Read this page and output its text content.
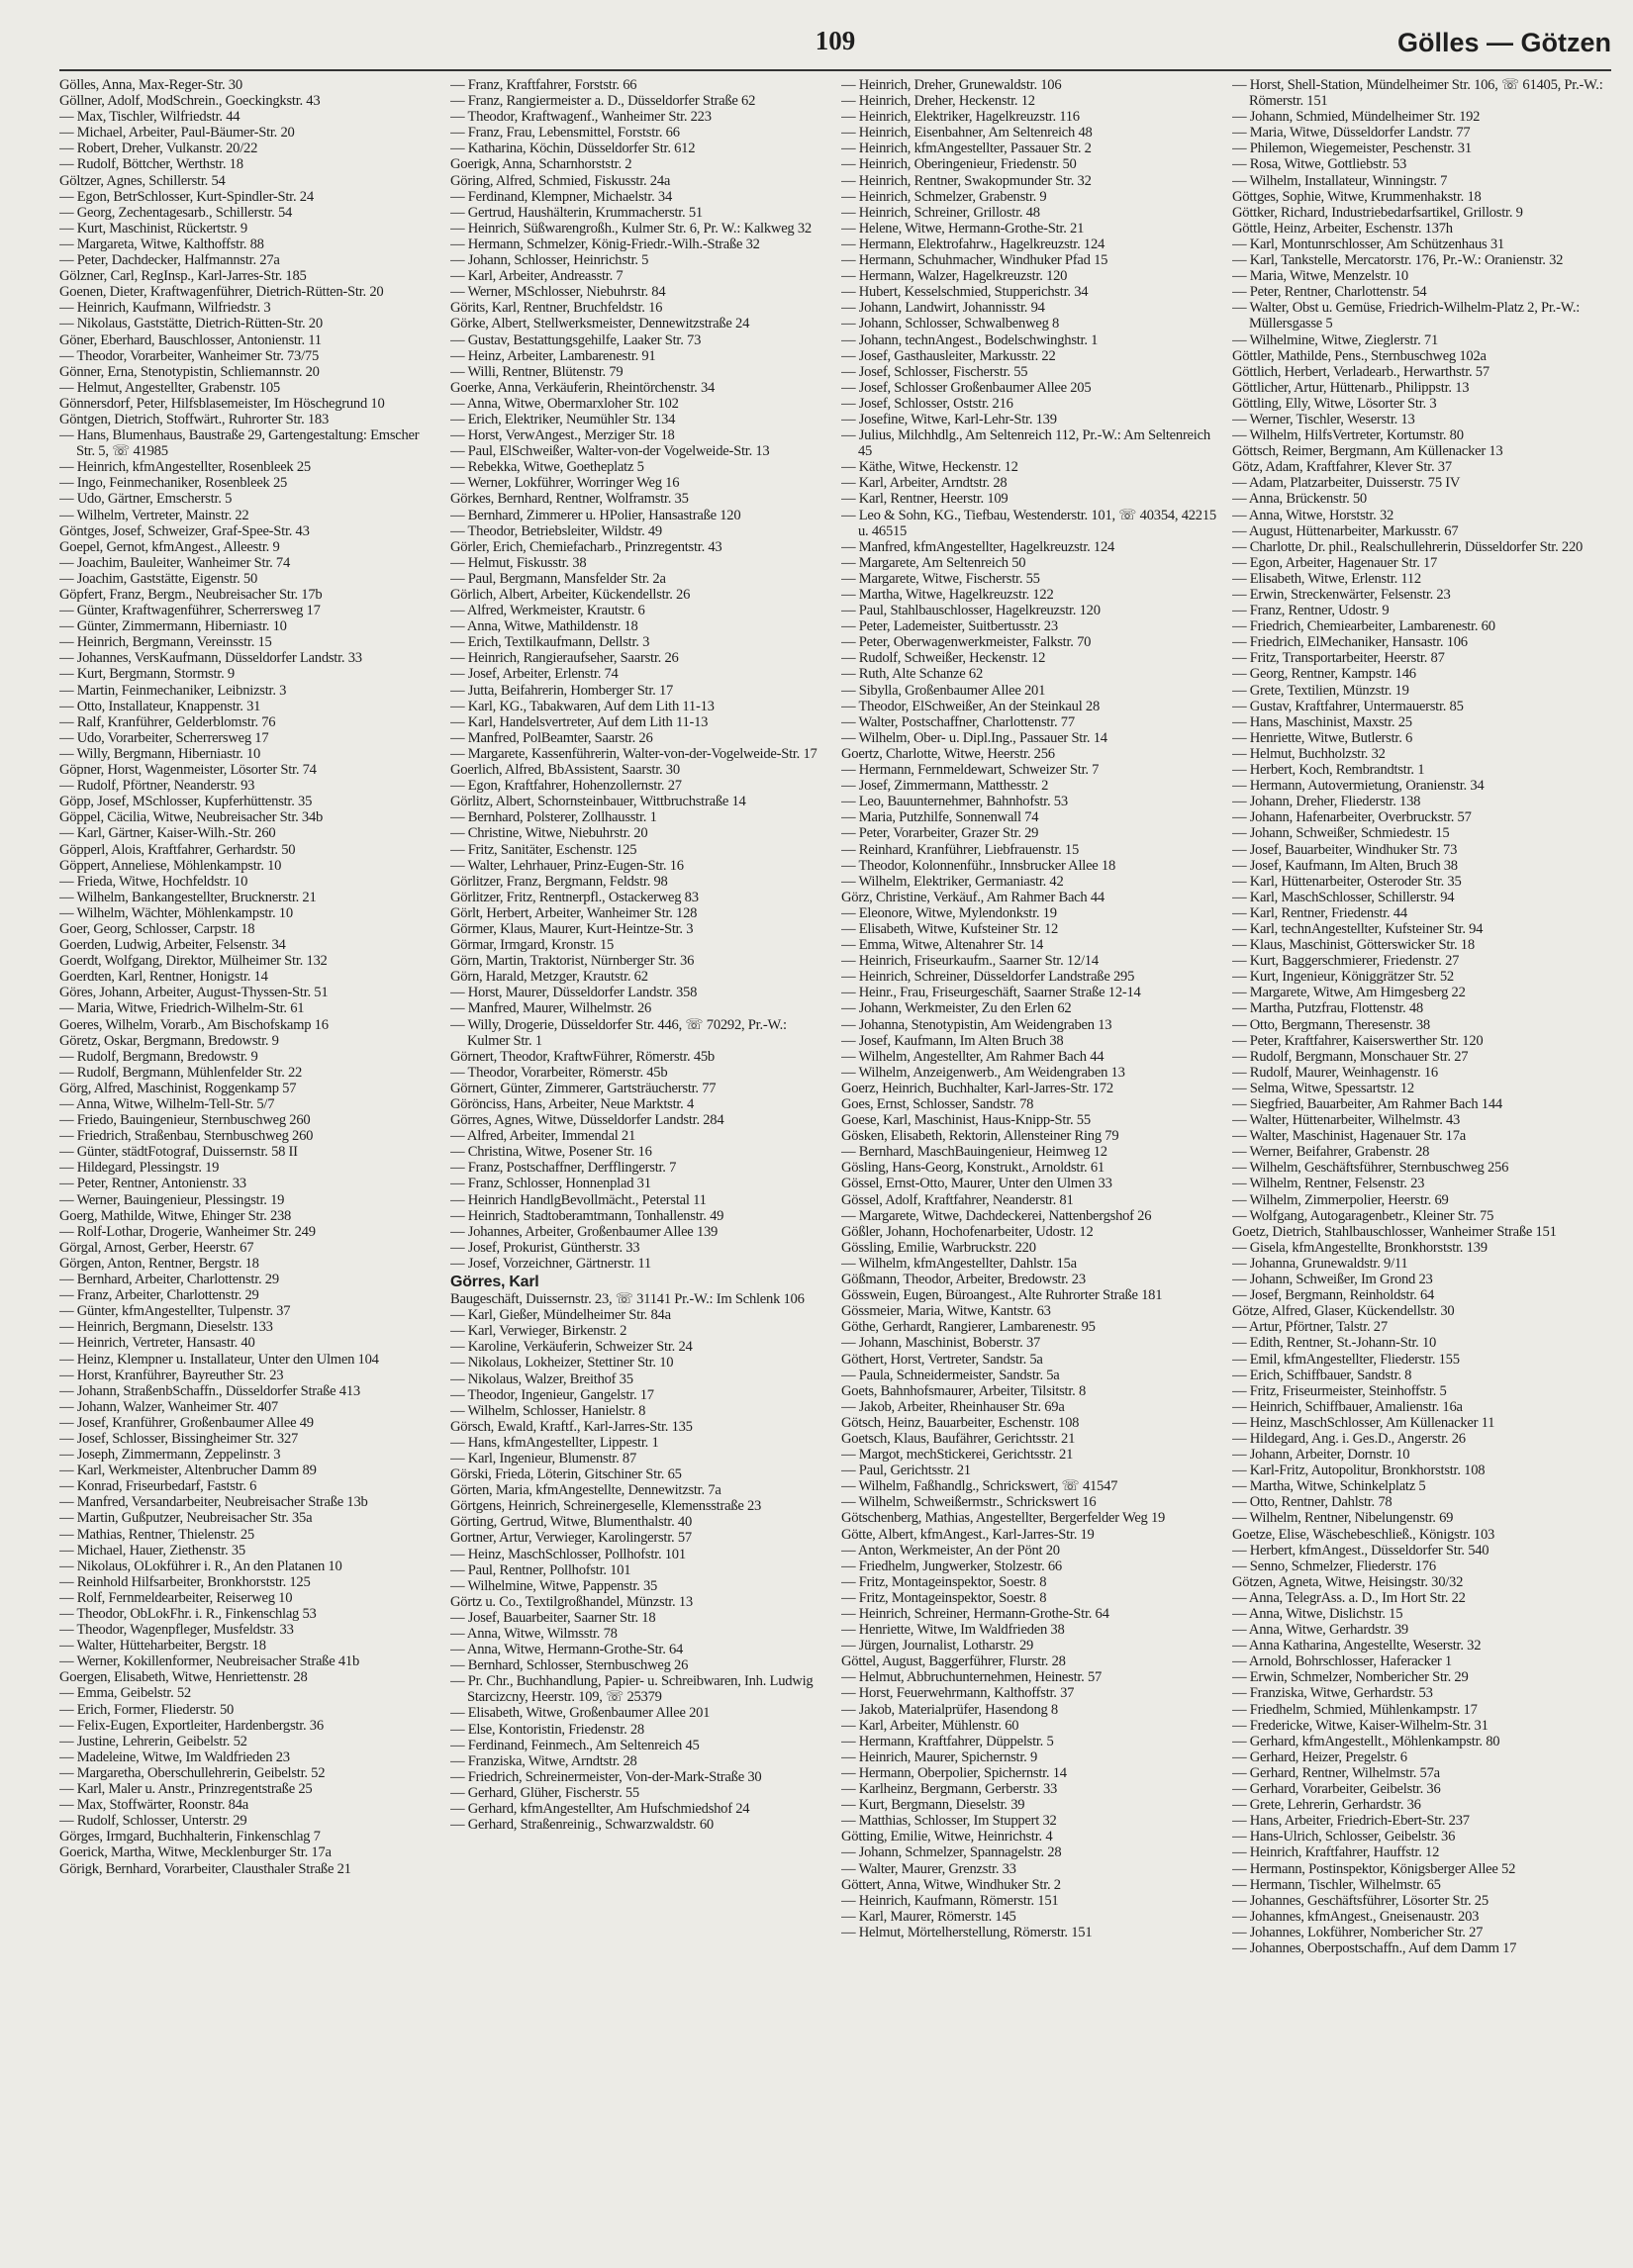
109	Gölles — Götzen
Gölles, Anna, Max-Reger-Str. 30
Göllner, Adolf, ModSchrein., Goeckingkstr. 43
— Max, Tischler, Wilfriedstr. 44
— Michael, Arbeiter, Paul-Bäumer-Str. 20
— Robert, Dreher, Vulkanstr. 20/22
— Rudolf, Böttcher, Werthstr. 18
Göltzer, Agnes, Schillerstr. 54
— Egon, BetrSchlosser, Kurt-Spindler-Str. 24
— Georg, Zechentagesarb., Schillerstr. 54
— Kurt, Maschinist, Rückertstr. 9
— Margareta, Witwe, Kalthoffstr. 88
— Peter, Dachdecker, Halfmannstr. 27a
Gölzner, Carl, RegInsp., Karl-Jarres-Str. 185
Goenen, Dieter, Kraftwagenführer, Dietrich-Rütten-Str. 20
— Heinrich, Kaufmann, Wilfriedstr. 3
— Nikolaus, Gaststätte, Dietrich-Rütten-Str. 20
Göner, Eberhard, Bauschlosser, Antonienstr. 11
— Theodor, Vorarbeiter, Wanheimer Str. 73/75
Gönner, Erna, Stenotypistin, Schliemannstr. 20
— Helmut, Angestellter, Grabenstr. 105
Gönnersdorf, Peter, Hilfsblasemeister, Im Höschegrund 10
Göntgen, Dietrich, Stoffwärt., Ruhrorter Str. 183
— Hans, Blumenhaus, Baustraße 29, Gartengestaltung: Emscher Str. 5, ☏ 41985
— Heinrich, kfmAngestellter, Rosenbleek 25
— Ingo, Feinmechaniker, Rosenbleek 25
— Udo, Gärtner, Emscherstr. 5
— Wilhelm, Vertreter, Mainstr. 22
Göntges, Josef, Schweizer, Graf-Spee-Str. 43
Goepel, Gernot, kfmAngest., Alleestr. 9
— Joachim, Bauleiter, Wanheimer Str. 74
— Joachim, Gaststätte, Eigenstr. 50
Göpfert, Franz, Bergm., Neubreisacher Str. 17b
— Günter, Kraftwagenführer, Scherrersweg 17
— Günter, Zimmermann, Hiberniastr. 10
— Heinrich, Bergmann, Vereinsstr. 15
— Johannes, VersKaufmann, Düsseldorfer Landstr. 33
— Kurt, Bergmann, Stormstr. 9
— Martin, Feinmechaniker, Leibnizstr. 3
— Otto, Installateur, Knappenstr. 31
— Ralf, Kranführer, Gelderblomstr. 76
— Udo, Vorarbeiter, Scherrersweg 17
— Willy, Bergmann, Hiberniastr. 10
Göpner, Horst, Wagenmeister, Lösorter Str. 74
— Rudolf, Pförtner, Neanderstr. 93
Göpp, Josef, MSchlosser, Kupferhüttenstr. 35
Göppel, Cäcilia, Witwe, Neubreisacher Str. 34b
— Karl, Gärtner, Kaiser-Wilh.-Str. 260
Göpperl, Alois, Kraftfahrer, Gerhardstr. 50
Göppert, Anneliese, Möhlenkampstr. 10
— Frieda, Witwe, Hochfeldstr. 10
— Wilhelm, Bankangestellter, Brucknerstr. 21
— Wilhelm, Wächter, Möhlenkampstr. 10
Goer, Georg, Schlosser, Carpstr. 18
Goerden, Ludwig, Arbeiter, Felsenstr. 34
Goerdt, Wolfgang, Direktor, Mülheimer Str. 132
Goerdten, Karl, Rentner, Honigstr. 14
Göres, Johann, Arbeiter, August-Thyssen-Str. 51
— Maria, Witwe, Friedrich-Wilhelm-Str. 61
Goeres, Wilhelm, Vorarb., Am Bischofskamp 16
Göretz, Oskar, Bergmann, Bredowstr. 9
— Rudolf, Bergmann, Bredowstr. 9
— Rudolf, Bergmann, Mühlenfelder Str. 22
Görg, Alfred, Maschinist, Roggenkamp 57
— Anna, Witwe, Wilhelm-Tell-Str. 5/7
— Friedo, Bauingenieur, Sternbuschweg 260
— Friedrich, Straßenbau, Sternbuschweg 260
— Günter, städtFotograf, Duissernstr. 58 II
— Hildegard, Plessingstr. 19
— Peter, Rentner, Antonienstr. 33
— Werner, Bauingenieur, Plessingstr. 19
Goerg, Mathilde, Witwe, Ehinger Str. 238
— Rolf-Lothar, Drogerie, Wanheimer Str. 249
Görgal, Arnost, Gerber, Heerstr. 67
Görgen, Anton, Rentner, Bergstr. 18
— Bernhard, Arbeiter, Charlottenstr. 29
— Franz, Arbeiter, Charlottenstr. 29
— Günter, kfmAngestellter, Tulpenstr. 37
— Heinrich, Bergmann, Dieselstr. 133
— Heinrich, Vertreter, Hansastr. 40
— Heinz, Klempner u. Installateur, Unter den Ulmen 104
— Horst, Kranführer, Bayreuther Str. 23
— Johann, StraßenbSchaffn., Düsseldorfer Straße 413
— Johann, Walzer, Wanheimer Str. 407
— Josef, Kranführer, Großenbaumer Allee 49
— Josef, Schlosser, Bissingheimer Str. 327
— Joseph, Zimmermann, Zeppelinstr. 3
— Karl, Werkmeister, Altenbrucher Damm 89
— Konrad, Friseurbedarf, Faststr. 6
— Manfred, Versandarbeiter, Neubreisacher Straße 13b
— Martin, Gußputzer, Neubreisacher Str. 35a
— Mathias, Rentner, Thielenstr. 25
— Michael, Hauer, Ziethenstr. 35
— Nikolaus, OLokführer i. R., An den Platanen 10
— Reinhold Hilfsarbeiter, Bronkhorststr. 125
— Rolf, Fernmeldearbeiter, Reiserweg 10
— Theodor, ObLokFhr. i. R., Finkenschlag 53
— Theodor, Wagenpfleger, Musfeldstr. 33
— Walter, Hütteharbeiter, Bergstr. 18
— Werner, Kokillenformer, Neubreisacher Straße 41b
Goergen, Elisabeth, Witwe, Henriettenstr. 28
— Emma, Geibelstr. 52
— Erich, Former, Fliederstr. 50
— Felix-Eugen, Exportleiter, Hardenbergstr. 36
— Justine, Lehrerin, Geibelstr. 52
— Madeleine, Witwe, Im Waldfrieden 23
— Margaretha, Oberschullehrerin, Geibelstr. 52
— Karl, Maler u. Anstr., Prinzregentstraße 25
— Max, Stoffwärter, Roonstr. 84a
— Rudolf, Schlosser, Unterstr. 29
Görges, Irmgard, Buchhalterin, Finkenschlag 7
Goerick, Martha, Witwe, Mecklenburger Str. 17a
Görigk, Bernhard, Vorarbeiter, Clausthaler Straße 21
— Franz, Kraftfahrer, Forststr. 66
— Franz, Rangiermeister a. D., Düsseldorfer Straße 62
— Theodor, Kraftwagenf., Wanheimer Str. 223
— Franz, Frau, Lebensmittel, Forststr. 66
— Katharina, Köchin, Düsseldorfer Str. 612
Goerigk, Anna, Scharnhorststr. 2
Göring, Alfred, Schmied, Fiskusstr. 24a
— Ferdinand, Klempner, Michaelstr. 34
— Gertrud, Haushälterin, Krummacherstr. 51
— Heinrich, Süßwarengroßh., Kulmer Str. 6, Pr. W.: Kalkweg 32
— Hermann, Schmelzer, König-Friedr.-Wilh.-Straße 32
— Johann, Schlosser, Heinrichstr. 5
— Karl, Arbeiter, Andreasstr. 7
— Werner, MSchlosser, Niebuhrstr. 84
Görits, Karl, Rentner, Bruchfeldstr. 16
Görke, Albert, Stellwerksmeister, Dennewitzstraße 24
— Gustav, Bestattungsgehilfe, Laaker Str. 73
— Heinz, Arbeiter, Lambarenestr. 91
— Willi, Rentner, Blütenstr. 79
Goerke, Anna, Verkäuferin, Rheintörchenstr. 34
— Anna, Witwe, Obermarxloher Str. 102
— Erich, Elektriker, Neumühler Str. 134
— Horst, VerwAngest., Merziger Str. 18
— Paul, ElSchweißer, Walter-von-der Vogelweide-Str. 13
— Rebekka, Witwe, Goetheplatz 5
— Werner, Lokführer, Worringer Weg 16
Görkes, Bernhard, Rentner, Wolframstr. 35
— Bernhard, Zimmerer u. HPolier, Hansastraße 120
— Theodor, Betriebsleiter, Wildstr. 49
Görler, Erich, Chemiefacharb., Prinzregentstr. 43
— Helmut, Fiskusstr. 38
— Paul, Bergmann, Mansfelder Str. 2a
Görlich, Albert, Arbeiter, Kückendellstr. 26
— Alfred, Werkmeister, Krautstr. 6
— Anna, Witwe, Mathildenstr. 18
— Erich, Textilkaufmann, Dellstr. 3
— Heinrich, Rangieraufseher, Saarstr. 26
— Josef, Arbeiter, Erlenstr. 74
— Jutta, Beifahrerin, Homberger Str. 17
— Karl, KG., Tabakwaren, Auf dem Lith 11-13
— Karl, Handelsvertreter, Auf dem Lith 11-13
— Manfred, PolBeamter, Saarstr. 26
— Margarete, Kassenführerin, Walter-von-der-Vogelweide-Str. 17
Goerlich, Alfred, BbAssistent, Saarstr. 30
— Egon, Kraftfahrer, Hohenzollernstr. 27
Görlitz, Albert, Schornsteinbauer, Wittbruchstraße 14
— Bernhard, Polsterer, Zollhausstr. 1
— Christine, Witwe, Niebuhrstr. 20
— Fritz, Sanitäter, Eschenstr. 125
— Walter, Lehrhauer, Prinz-Eugen-Str. 16
Görlitzer, Franz, Bergmann, Feldstr. 98
Görlitzer, Fritz, Rentnerpfl., Ostackerweg 83
Görlt, Herbert, Arbeiter, Wanheimer Str. 128
Görmer, Klaus, Maurer, Kurt-Heintze-Str. 3
Görmar, Irmgard, Kronstr. 15
Görn, Martin, Traktorist, Nürnberger Str. 36
Görn, Harald, Metzger, Krautstr. 62
— Horst, Maurer, Düsseldorfer Landstr. 358
— Manfred, Maurer, Wilhelmstr. 26
— Willy, Drogerie, Düsseldorfer Str. 446, ☏ 70292, Pr.-W.: Kulmer Str. 1
Görnert, Theodor, KraftwFührer, Römerstr. 45b
— Theodor, Vorarbeiter, Römerstr. 45b
Görnert, Günter, Zimmerer, Gartsträucherstr. 77
Görönciss, Hans, Arbeiter, Neue Marktstr. 4
Görres, Agnes, Witwe, Düsseldorfer Landstr. 284
— Alfred, Arbeiter, Immendal 21
— Christina, Witwe, Posener Str. 16
— Franz, Postschaffner, Derfflingerstr. 7
— Franz, Schlosser, Honnenplad 31
— Heinrich HandlgBevollmächt., Peterstal 11
— Heinrich, Stadtoberamtmann, Tonhallenstr. 49
— Johannes, Arbeiter, Großenbaumer Allee 139
— Josef, Prokurist, Güntherstr. 33
— Josef, Vorzeichner, Gärtnerstr. 11
Görres, Karl
Baugeschäft, Duissernstr. 23, ☏ 31141 Pr.-W.: Im Schlenk 106
— Karl, Gießer, Mündelheimer Str. 84a
— Karl, Verwieger, Birkenstr. 2
— Karoline, Verkäuferin, Schweizer Str. 24
— Nikolaus, Lokheizer, Stettiner Str. 10
— Nikolaus, Walzer, Breithof 35
— Theodor, Ingenieur, Gangelstr. 17
— Wilhelm, Schlosser, Hanielstr. 8
Görsch, Ewald, Kraftf., Karl-Jarres-Str. 135
— Hans, kfmAngestellter, Lippestr. 1
— Karl, Ingenieur, Blumenstr. 87
Görski, Frieda, Löterin, Gitschiner Str. 65
Görten, Maria, kfmAngestellte, Dennewitzstr. 7a
Görtgens, Heinrich, Schreinergeselle, Klemensstraße 23
Görting, Gertrud, Witwe, Blumenthalstr. 40
Gortner, Artur, Verwieger, Karolingerstr. 57
— Heinz, MaschSchlosser, Pollhofstr. 101
— Paul, Rentner, Pollhofstr. 101
— Wilhelmine, Witwe, Pappenstr. 35
Görtz u. Co., Textilgroßhandel, Münzstr. 13
— Josef, Bauarbeiter, Saarner Str. 18
— Anna, Witwe, Wilmsstr. 78
— Anna, Witwe, Hermann-Grothe-Str. 64
— Bernhard, Schlosser, Sternbuschweg 26
— Pr. Chr., Buchhandlung, Papier- u. Schreibwaren, Inh. Ludwig Starcizcny, Heerstr. 109, ☏ 25379
— Elisabeth, Witwe, Großenbaumer Allee 201
— Else, Kontoristin, Friedenstr. 28
— Ferdinand, Feinmech., Am Seltenreich 45
— Franziska, Witwe, Arndtstr. 28
— Friedrich, Schreinermeister, Von-der-Mark-Straße 30
— Gerhard, Glüher, Fischerstr. 55
— Gerhard, kfmAngestellter, Am Hufschmiedshof 24
— Gerhard, Straßenreinig., Schwarzwaldstr. 60
— Heinrich, Dreher, Grunewaldstr. 106
— Heinrich, Dreher, Heckenstr. 12
— Heinrich, Elektriker, Hagelkreuzstr. 116
— Heinrich, Eisenbahner, Am Seltenreich 48
— Heinrich, kfmAngestellter, Passauer Str. 2
— Heinrich, Oberingenieur, Friedenstr. 50
— Heinrich, Rentner, Swakopmunder Str. 32
— Heinrich, Schmelzer, Grabenstr. 9
— Heinrich, Schreiner, Grillostr. 48
— Helene, Witwe, Hermann-Grothe-Str. 21
— Hermann, Elektrofahrw., Hagelkreuzstr. 124
— Hermann, Schuhmacher, Windhuker Pfad 15
— Hermann, Walzer, Hagelkreuzstr. 120
— Hubert, Kesselschmied, Stupperichstr. 34
— Johann, Landwirt, Johannisstr. 94
— Johann, Schlosser, Schwalbenweg 8
— Johann, technAngest., Bodelschwinghstr. 1
— Josef, Gasthausleiter, Markusstr. 22
— Josef, Schlosser, Fischerstr. 55
— Josef, Schlosser Großenbaumer Allee 205
— Josef, Schlosser, Oststr. 216
— Josefine, Witwe, Karl-Lehr-Str. 139
— Julius, Milchhdlg., Am Seltenreich 112, Pr.-W.: Am Seltenreich 45
— Käthe, Witwe, Heckenstr. 12
— Karl, Arbeiter, Arndtstr. 28
— Karl, Rentner, Heerstr. 109
— Leo & Sohn, KG., Tiefbau, Westenderstr. 101, ☏ 40354, 42215 u. 46515
— Manfred, kfmAngestellter, Hagelkreuzstr. 124
— Margarete, Am Seltenreich 50
— Margarete, Witwe, Fischerstr. 55
— Martha, Witwe, Hagelkreuzstr. 122
— Paul, Stahlbauschlosser, Hagelkreuzstr. 120
— Peter, Lademeister, Suitbertusstr. 23
— Peter, Oberwagenwerkmeister, Falkstr. 70
— Rudolf, Schweißer, Heckenstr. 12
— Ruth, Alte Schanze 62
— Sibylla, Großenbaumer Allee 201
— Theodor, ElSchweißer, An der Steinkaul 28
— Walter, Postschaffner, Charlottenstr. 77
— Wilhelm, Ober- u. Dipl.Ing., Passauer Str. 14
Goertz, Charlotte, Witwe, Heerstr. 256
— Hermann, Fernmeldewart, Schweizer Str. 7
— Josef, Zimmermann, Matthesstr. 2
— Leo, Bauunternehmer, Bahnhofstr. 53
— Maria, Putzhilfe, Sonnenwall 74
— Peter, Vorarbeiter, Grazer Str. 29
— Reinhard, Kranführer, Liebfrauenstr. 15
— Theodor, Kolonnenführ., Innsbrucker Allee 18
— Wilhelm, Elektriker, Germaniastr. 42
Görz, Christine, Verkäuf., Am Rahmer Bach 44
— Eleonore, Witwe, Mylendonkstr. 19
— Elisabeth, Witwe, Kufsteiner Str. 12
— Emma, Witwe, Altenahrer Str. 14
— Heinrich, Friseurkaufm., Saarner Str. 12/14
— Heinrich, Schreiner, Düsseldorfer Landstraße 295
— Heinr., Frau, Friseurgeschäft, Saarner Straße 12-14
— Johann, Werkmeister, Zu den Erlen 62
— Johanna, Stenotypistin, Am Weidengraben 13
— Josef, Kaufmann, Im Alten Bruch 38
— Wilhelm, Angestellter, Am Rahmer Bach 44
— Wilhelm, Anzeigenwerb., Am Weidengraben 13
Goerz, Heinrich, Buchhalter, Karl-Jarres-Str. 172
Goes, Ernst, Schlosser, Sandstr. 78
Goese, Karl, Maschinist, Haus-Knipp-Str. 55
Gösken, Elisabeth, Rektorin, Allensteiner Ring 79
— Bernhard, MaschBauingenieur, Heimweg 12
Gösling, Hans-Georg, Konstrukt., Arnoldstr. 61
Gössel, Ernst-Otto, Maurer, Unter den Ulmen 33
Gössel, Adolf, Kraftfahrer, Neanderstr. 81
— Margarete, Witwe, Dachdeckerei, Nattenbergshof 26
Gößler, Johann, Hochofenarbeiter, Udostr. 12
Gössling, Emilie, Warbruckstr. 220
— Wilhelm, kfmAngestellter, Dahlstr. 15a
Gößmann, Theodor, Arbeiter, Bredowstr. 23
Gösswein, Eugen, Büroangest., Alte Ruhrorter Straße 181
Gössmeier, Maria, Witwe, Kantstr. 63
Göthe, Gerhardt, Rangierer, Lambarenestr. 95
— Johann, Maschinist, Boberstr. 37
Göthert, Horst, Vertreter, Sandstr. 5a
— Paula, Schneidermeister, Sandstr. 5a
Goets, Bahnhofsmaurer, Arbeiter, Tilsitstr. 8
— Jakob, Arbeiter, Rheinhauser Str. 69a
Götsch, Heinz, Bauarbeiter, Eschenstr. 108
Goetsch, Klaus, Baufährer, Gerichtsstr. 21
— Margot, mechStickerei, Gerichtsstr. 21
— Paul, Gerichtsstr. 21
— Wilhelm, Faßhandlg., Schrickswert, ☏ 41547
— Wilhelm, Schweißermstr., Schrickswert 16
Götschenberg, Mathias, Angestellter, Bergerfelder Weg 19
Götte, Albert, kfmAngest., Karl-Jarres-Str. 19
— Anton, Werkmeister, An der Pönt 20
— Friedhelm, Jungwerker, Stolzestr. 66
— Fritz, Montageinspektor, Soestr. 8
— Fritz, Montageinspektor, Soestr. 8
— Heinrich, Schreiner, Hermann-Grothe-Str. 64
— Henriette, Witwe, Im Waldfrieden 38
— Jürgen, Journalist, Lotharstr. 29
Göttel, August, Baggerführer, Flurstr. 28
— Helmut, Abbruchunternehmen, Heinestr. 57
— Horst, Feuerwehrmann, Kalthoffstr. 37
— Jakob, Materialprüfer, Hasendong 8
— Karl, Arbeiter, Mühlenstr. 60
— Hermann, Kraftfahrer, Düppelstr. 5
— Heinrich, Maurer, Spichernstr. 9
— Hermann, Oberpolier, Spichernstr. 14
— Karlheinz, Bergmann, Gerberstr. 33
— Kurt, Bergmann, Dieselstr. 39
— Matthias, Schlosser, Im Stuppert 32
Götting, Emilie, Witwe, Heinrichstr. 4
— Johann, Schmelzer, Spannagelstr. 28
— Walter, Maurer, Grenzstr. 33
Göttert, Anna, Witwe, Windhuker Str. 2
— Heinrich, Kaufmann, Römerstr. 151
— Karl, Maurer, Römerstr. 145
— Helmut, Mörtelherstellung, Römerstr. 151
— Horst, Shell-Station, Mündelheimer Str. 106, ☏ 61405, Pr.-W.: Römerstr. 151
— Johann, Schmied, Mündelheimer Str. 192
— Maria, Witwe, Düsseldorfer Landstr. 77
— Philemon, Wiegemeister, Peschenstr. 31
— Rosa, Witwe, Gottliebstr. 53
— Wilhelm, Installateur, Winningstr. 7
Göttges, Sophie, Witwe, Krummenhakstr. 18
Göttker, Richard, Industriebedarfsartikel, Grillostr. 9
Göttle, Heinz, Arbeiter, Eschenstr. 137h
— Karl, Montunrschlosser, Am Schützenhaus 31
— Karl, Tankstelle, Mercatorstr. 176, Pr.-W.: Oranienstr. 32
— Maria, Witwe, Menzelstr. 10
— Peter, Rentner, Charlottenstr. 54
— Walter, Obst u. Gemüse, Friedrich-Wilhelm-Platz 2, Pr.-W.: Müllersgasse 5
— Wilhelmine, Witwe, Zieglerstr. 71
Göttler, Mathilde, Pens., Sternbuschweg 102a
Göttlich, Herbert, Verladearb., Herwarthstr. 57
Göttlicher, Artur, Hüttenarb., Philippstr. 13
Göttling, Elly, Witwe, Lösorter Str. 3
— Werner, Tischler, Weserstr. 13
— Wilhelm, HilfsVertreter, Kortumstr. 80
Göttsch, Reimer, Bergmann, Am Küllenacker 13
Götz, Adam, Kraftfahrer, Klever Str. 37
— Adam, Platzarbeiter, Duisserstr. 75 IV
— Anna, Brückenstr. 50
— Anna, Witwe, Horststr. 32
— August, Hüttenarbeiter, Markusstr. 67
— Charlotte, Dr. phil., Realschullehrerin, Düsseldorfer Str. 220
— Egon, Arbeiter, Hagenauer Str. 17
— Elisabeth, Witwe, Erlenstr. 112
— Erwin, Streckenwärter, Felsenstr. 23
— Franz, Rentner, Udostr. 9
— Friedrich, Chemiearbeiter, Lambarenestr. 60
— Friedrich, ElMechaniker, Hansastr. 106
— Fritz, Transportarbeiter, Heerstr. 87
— Georg, Rentner, Kampstr. 146
— Grete, Textilien, Münzstr. 19
— Gustav, Kraftfahrer, Untermauerstr. 85
— Hans, Maschinist, Maxstr. 25
— Henriette, Witwe, Butlerstr. 6
— Helmut, Buchholzstr. 32
— Herbert, Koch, Rembrandtstr. 1
— Hermann, Autovermietung, Oranienstr. 34
— Johann, Dreher, Fliederstr. 138
— Johann, Hafenarbeiter, Overbruckstr. 57
— Johann, Schweißer, Schmiedestr. 15
— Josef, Bauarbeiter, Windhuker Str. 73
— Josef, Kaufmann, Im Alten, Bruch 38
— Karl, Hüttenarbeiter, Osteroder Str. 35
— Karl, MaschSchlosser, Schillerstr. 94
— Karl, Rentner, Friedenstr. 44
— Karl, technAngestellter, Kufsteiner Str. 94
— Klaus, Maschinist, Götterswicker Str. 18
— Kurt, Baggerschmierer, Friedenstr. 27
— Kurt, Ingenieur, Königgrätzer Str. 52
— Margarete, Witwe, Am Himgesberg 22
— Martha, Putzfrau, Flottenstr. 48
— Otto, Bergmann, Theresenstr. 38
— Peter, Kraftfahrer, Kaiserswerther Str. 120
— Rudolf, Bergmann, Monschauer Str. 27
— Rudolf, Maurer, Weinhagenstr. 16
— Selma, Witwe, Spessartstr. 12
— Siegfried, Bauarbeiter, Am Rahmer Bach 144
— Walter, Hüttenarbeiter, Wilhelmstr. 43
— Walter, Maschinist, Hagenauer Str. 17a
— Werner, Beifahrer, Grabenstr. 28
— Wilhelm, Geschäftsführer, Sternbuschweg 256
— Wilhelm, Rentner, Felsenstr. 23
— Wilhelm, Zimmerpolier, Heerstr. 69
— Wolfgang, Autogaragenbetr., Kleiner Str. 75
Goetz, Dietrich, Stahlbauschlosser, Wanheimer Straße 151
— Gisela, kfmAngestellte, Bronkhorststr. 139
— Johanna, Grunewaldstr. 9/11
— Johann, Schweißer, Im Grond 23
— Josef, Bergmann, Reinholdstr. 64
Götze, Alfred, Glaser, Kückendellstr. 30
— Artur, Pförtner, Talstr. 27
— Edith, Rentner, St.-Johann-Str. 10
— Emil, kfmAngestellter, Fliederstr. 155
— Erich, Schiffbauer, Sandstr. 8
— Fritz, Friseurmeister, Steinhoffstr. 5
— Heinrich, Schiffbauer, Amalienstr. 16a
— Heinz, MaschSchlosser, Am Küllenacker 11
— Hildegard, Ang. i. Ges.D., Angerstr. 26
— Johann, Arbeiter, Dornstr. 10
— Karl-Fritz, Autopolitur, Bronkhorststr. 108
— Martha, Witwe, Schinkelplatz 5
— Otto, Rentner, Dahlstr. 78
— Wilhelm, Rentner, Nibelungenstr. 69
Goetze, Elise, Wäschebeschließ., Königstr. 103
— Herbert, kfmAngest., Düsseldorfer Str. 540
— Senno, Schmelzer, Fliederstr. 176
Götzen, Agneta, Witwe, Heisingstr. 30/32
— Anna, TelegrAss. a. D., Im Hort Str. 22
— Anna, Witwe, Dislichstr. 15
— Anna, Witwe, Gerhardstr. 39
— Anna Katharina, Angestellte, Weserstr. 32
— Arnold, Bohrschlosser, Haferacker 1
— Erwin, Schmelzer, Nombericher Str. 29
— Franziska, Witwe, Gerhardstr. 53
— Friedhelm, Schmied, Mühlenkampstr. 17
— Fredericke, Witwe, Kaiser-Wilhelm-Str. 31
— Gerhard, kfmAngestellt., Möhlenkampstr. 80
— Gerhard, Heizer, Pregelstr. 6
— Gerhard, Rentner, Wilhelmstr. 57a
— Gerhard, Vorarbeiter, Geibelstr. 36
— Grete, Lehrerin, Gerhardstr. 36
— Hans, Arbeiter, Friedrich-Ebert-Str. 237
— Hans-Ulrich, Schlosser, Geibelstr. 36
— Heinrich, Kraftfahrer, Hauffstr. 12
— Hermann, Postinspektor, Königsberger Allee 52
— Hermann, Tischler, Wilhelmstr. 65
— Johannes, Geschäftsführer, Lösorter Str. 25
— Johannes, kfmAngest., Gneisenaustr. 203
— Johannes, Lokführer, Nombericher Str. 27
— Johannes, Oberpostschaffn., Auf dem Damm 17
